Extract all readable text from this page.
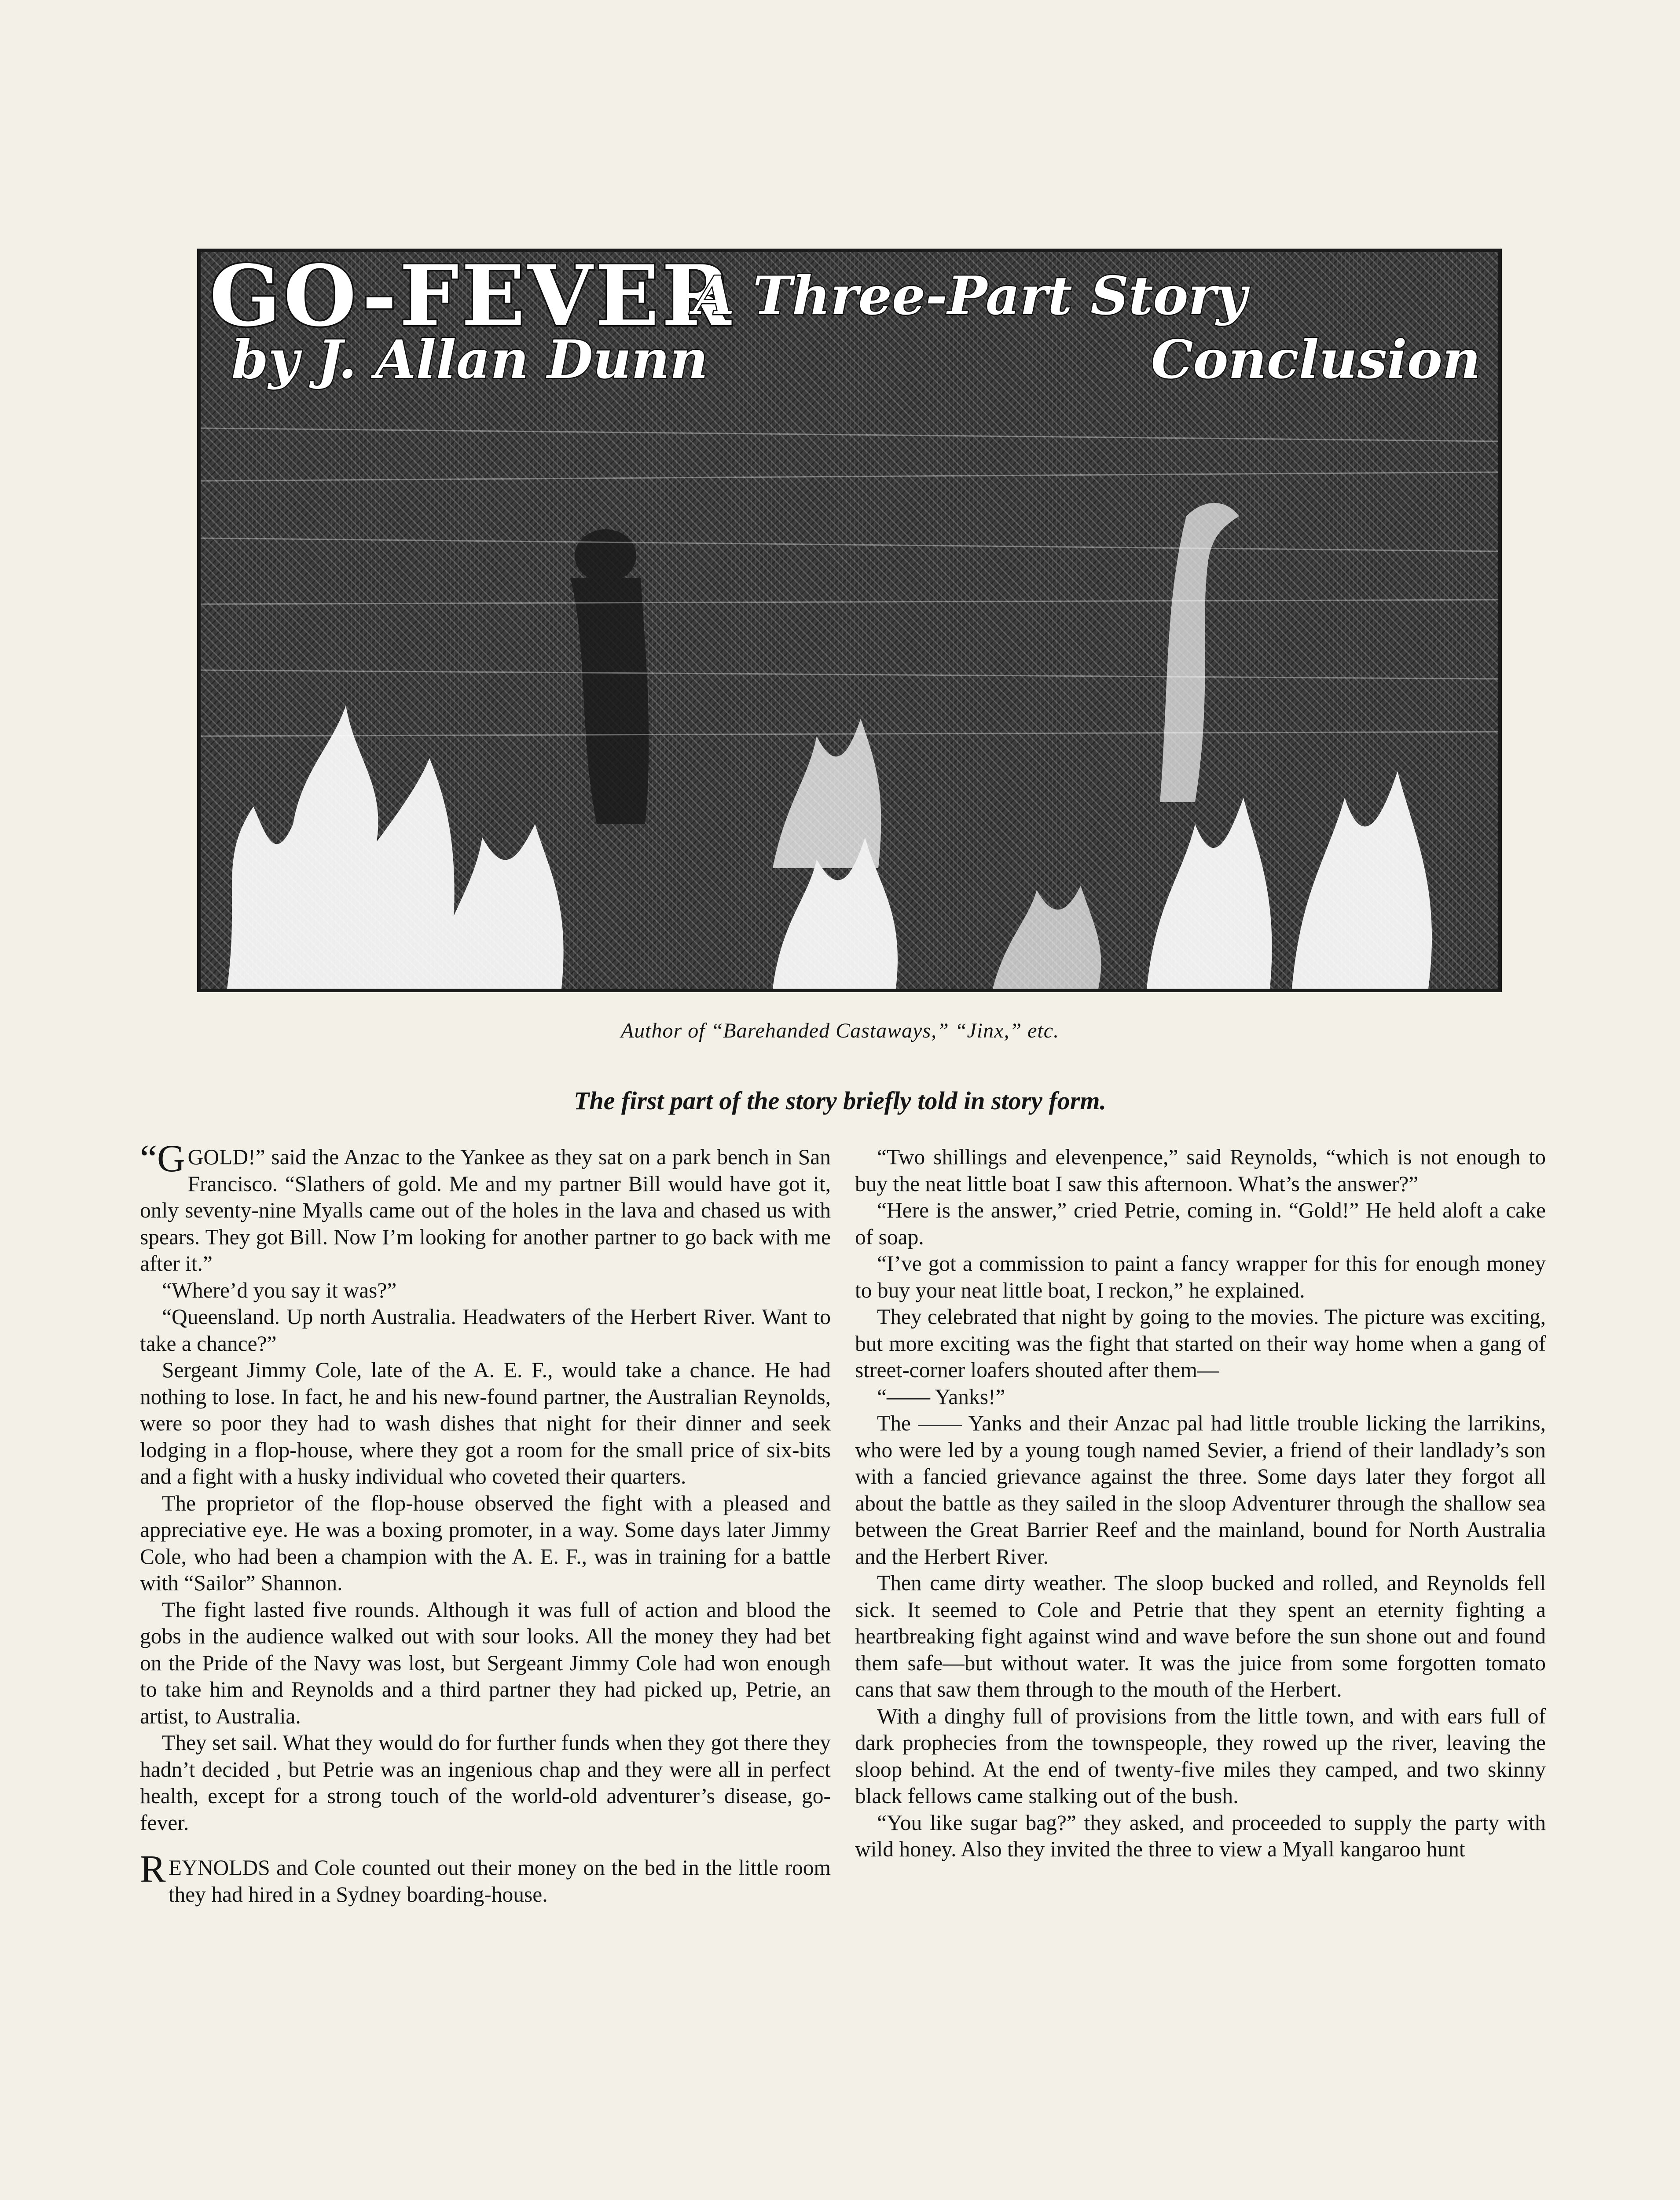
GO-FEVER
A Three-Part Story
by J. Allan Dunn	Conclusion
Author of “Barehanded Castaways,” “Jinx,” etc.
The first part of the story briefly told in story form.

“GGOLD!” said the Anzac to the Yankee as they sat on a park bench in San Francisco. “Slathers of gold. Me and my partner Bill would have got it, only seventy-nine Myalls came out of the holes in the lava and chased us with spears. They got Bill. Now I’m looking for another partner to go back with me after it.”

“Where’d you say it was?”

“Queensland. Up north Australia. Headwaters of the Herbert River. Want to take a chance?”

Sergeant Jimmy Cole, late of the A. E. F., would take a chance. He had nothing to lose. In fact, he and his new-found partner, the Australian Reynolds, were so poor they had to wash dishes that night for their dinner and seek lodging in a flop-house, where they got a room for the small price of six-bits and a fight with a husky individual who coveted their quarters.

The proprietor of the flop-house observed the fight with a pleased and appreciative eye. He was a boxing promoter, in a way. Some days later Jimmy Cole, who had been a champion with the A. E. F., was in training for a battle with “Sailor” Shannon.

The fight lasted five rounds. Although it was full of action and blood the gobs in the audience walked out with sour looks. All the money they had bet on the Pride of the Navy was lost, but Sergeant Jimmy Cole had won enough to take him and Reynolds and a third partner they had picked up, Petrie, an artist, to Australia.

They set sail. What they would do for further funds when they got there they hadn’t decided , but Petrie was an ingenious chap and they were all in perfect health, except for a strong touch of the world-old adventurer’s disease, go-fever.

REYNOLDS and Cole counted out their money on the bed in the little room they had hired in a Sydney boarding-house.

“Two shillings and elevenpence,” said Reynolds, “which is not enough to buy the neat little boat I saw this afternoon. What’s the answer?”

“Here is the answer,” cried Petrie, coming in. “Gold!” He held aloft a cake of soap.

“I’ve got a commission to paint a fancy wrapper for this for enough money to buy your neat little boat, I reckon,” he explained.

They celebrated that night by going to the movies. The picture was exciting, but more exciting was the fight that started on their way home when a gang of street-corner loafers shouted after them—

“—— Yanks!”

The —— Yanks and their Anzac pal had little trouble licking the larrikins, who were led by a young tough named Sevier, a friend of their landlady’s son with a fancied grievance against the three. Some days later they forgot all about the battle as they sailed in the sloop Adventurer through the shallow sea between the Great Barrier Reef and the mainland, bound for North Australia and the Herbert River.

Then came dirty weather. The sloop bucked and rolled, and Reynolds fell sick. It seemed to Cole and Petrie that they spent an eternity fighting a heartbreaking fight against wind and wave before the sun shone out and found them safe—but without water. It was the juice from some forgotten tomato cans that saw them through to the mouth of the Herbert.

With a dinghy full of provisions from the little town, and with ears full of dark prophecies from the townspeople, they rowed up the river, leaving the sloop behind. At the end of twenty-five miles they camped, and two skinny black fellows came stalking out of the bush.

“You like sugar bag?” they asked, and proceeded to supply the party with wild honey. Also they invited the three to view a Myall kangaroo hunt
